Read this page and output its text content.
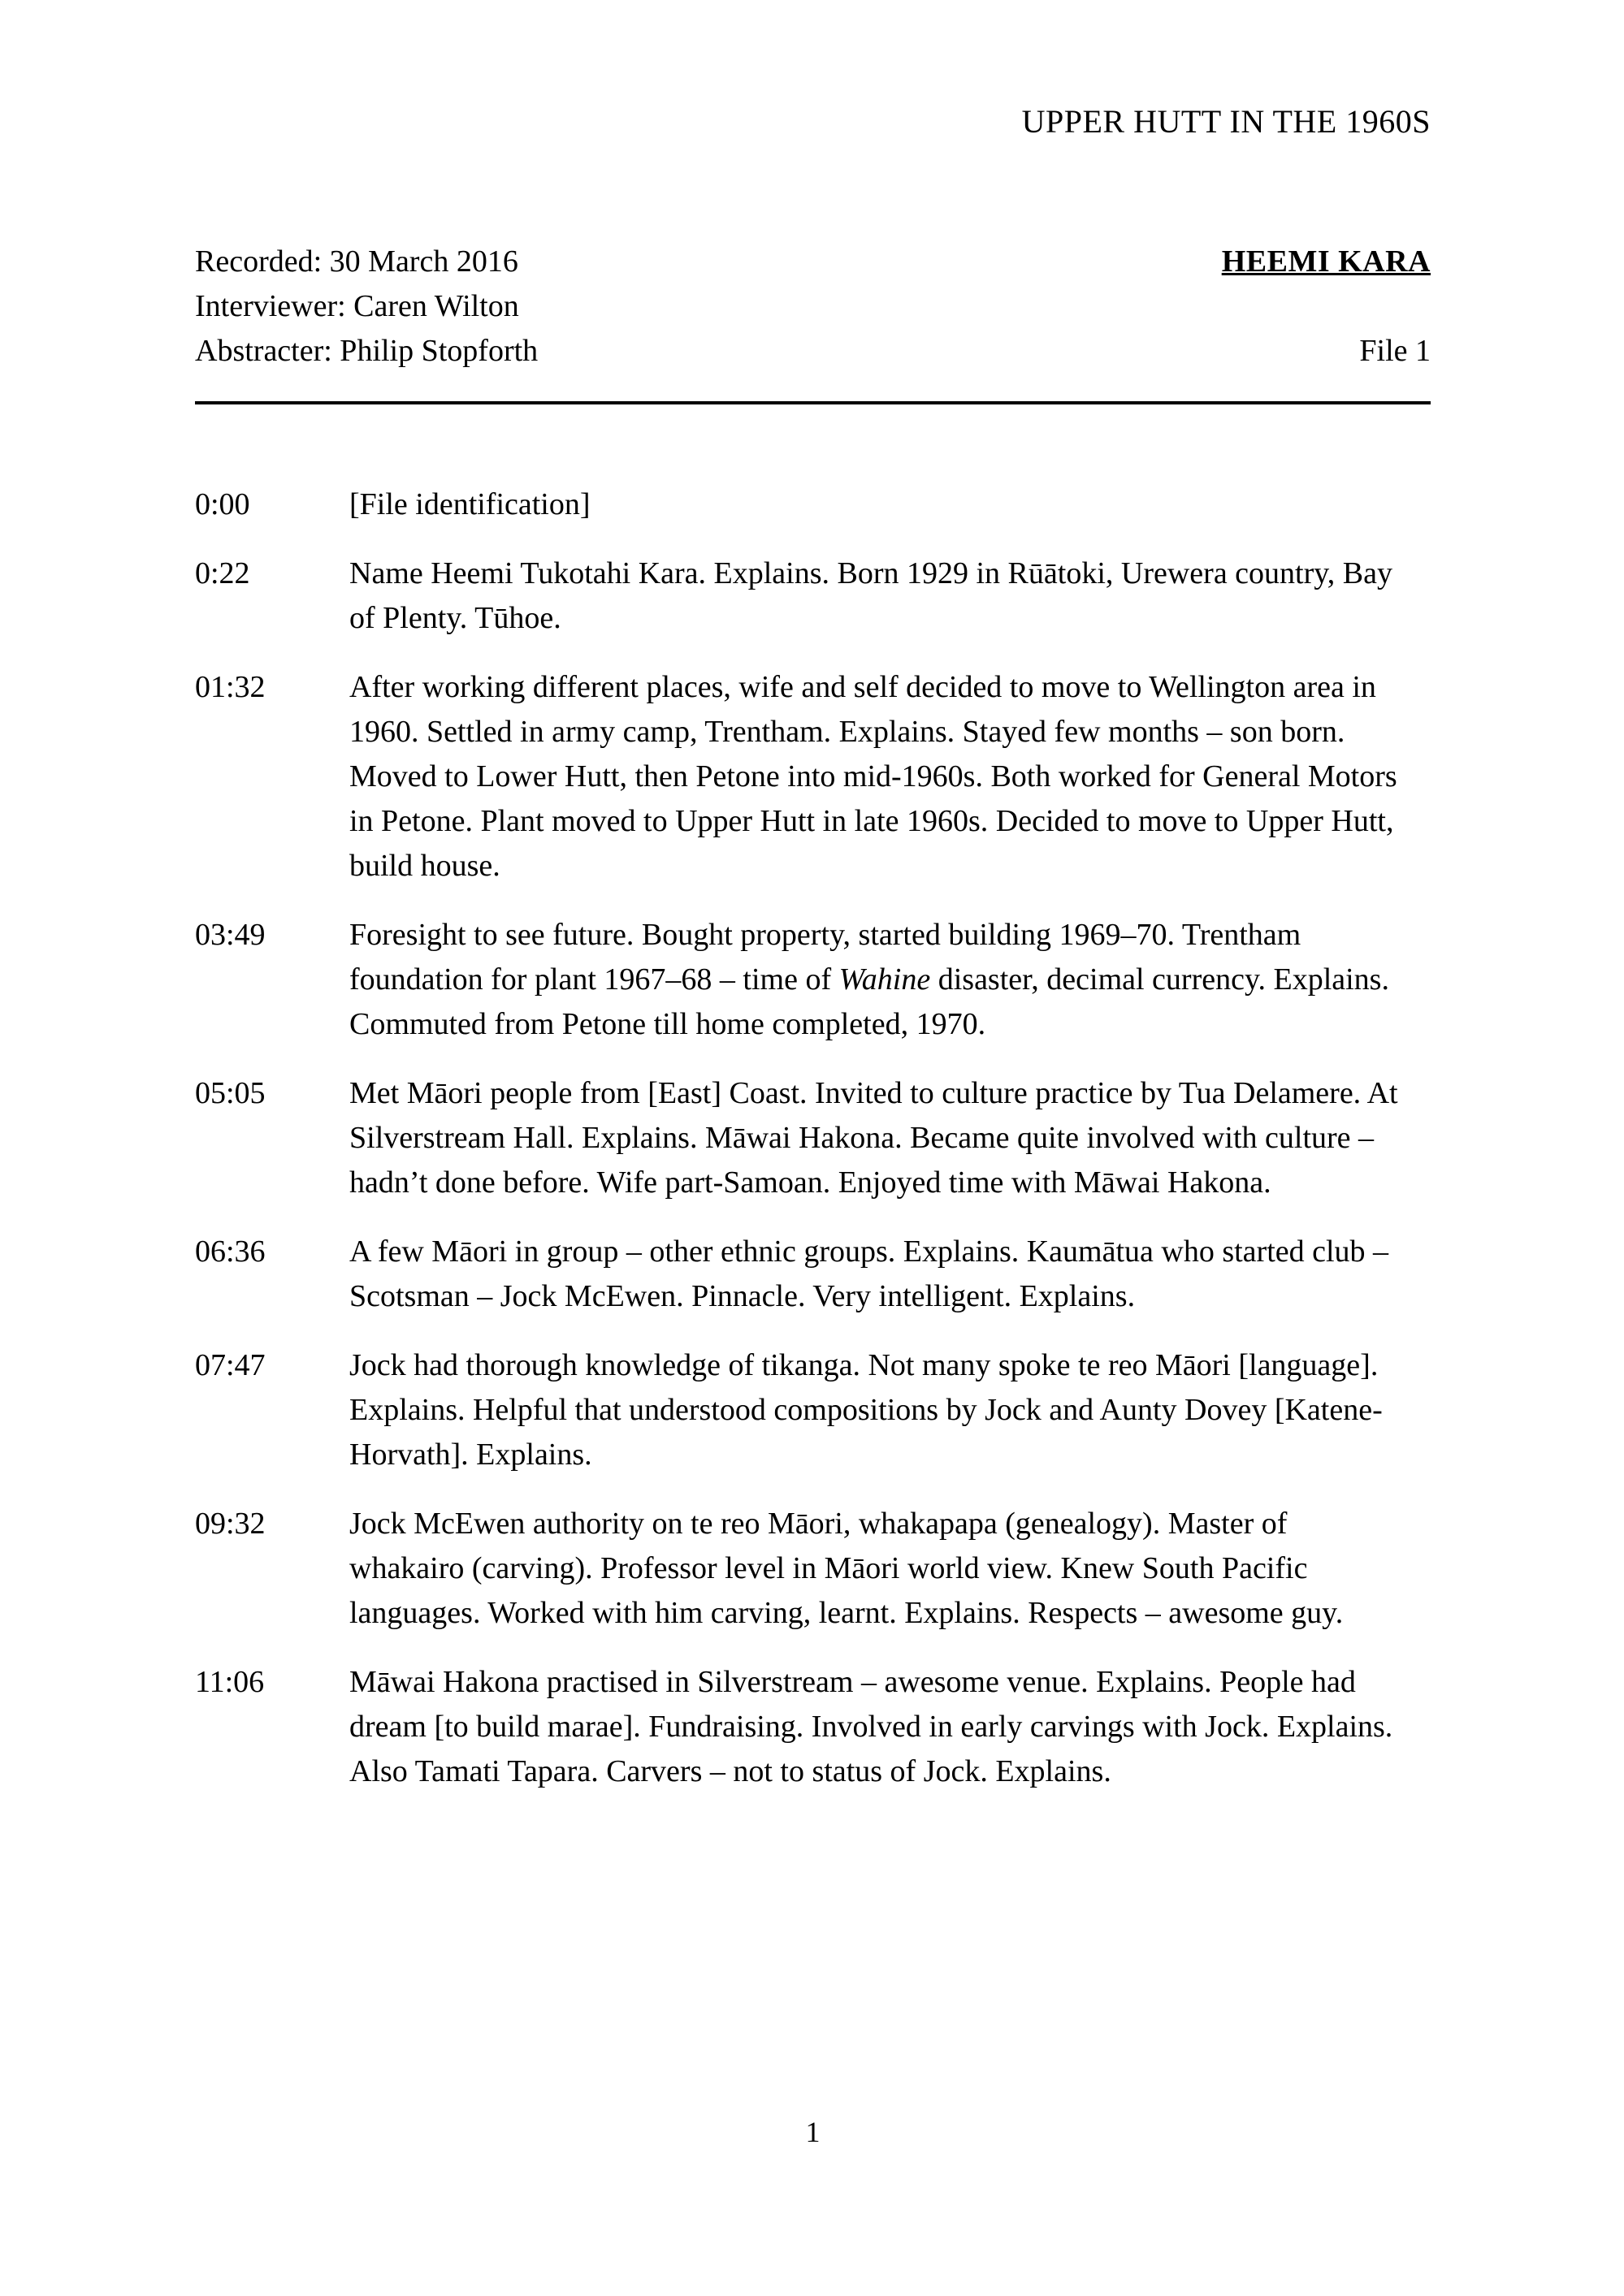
UPPER HUTT IN THE 1960S
Recorded: 30 March 2016	HEEMI KARA
Interviewer: Caren Wilton
Abstracter: Philip Stopforth	File 1
0:00	[File identification]
0:22	Name Heemi Tukotahi Kara. Explains. Born 1929 in Rūātoki, Urewera country, Bay of Plenty. Tūhoe.
01:32	After working different places, wife and self decided to move to Wellington area in 1960. Settled in army camp, Trentham. Explains. Stayed few months – son born. Moved to Lower Hutt, then Petone into mid-1960s. Both worked for General Motors in Petone. Plant moved to Upper Hutt in late 1960s. Decided to move to Upper Hutt, build house.
03:49	Foresight to see future. Bought property, started building 1969–70. Trentham foundation for plant 1967–68 – time of Wahine disaster, decimal currency. Explains. Commuted from Petone till home completed, 1970.
05:05	Met Māori people from [East] Coast. Invited to culture practice by Tua Delamere. At Silverstream Hall. Explains. Māwai Hakona. Became quite involved with culture – hadn’t done before. Wife part-Samoan. Enjoyed time with Māwai Hakona.
06:36	A few Māori in group – other ethnic groups. Explains. Kaumātua who started club – Scotsman – Jock McEwen. Pinnacle. Very intelligent. Explains.
07:47	Jock had thorough knowledge of tikanga. Not many spoke te reo Māori [language]. Explains. Helpful that understood compositions by Jock and Aunty Dovey [Katene-Horvath]. Explains.
09:32	Jock McEwen authority on te reo Māori, whakapapa (genealogy). Master of whakairo (carving). Professor level in Māori world view. Knew South Pacific languages. Worked with him carving, learnt. Explains. Respects – awesome guy.
11:06	Māwai Hakona practised in Silverstream – awesome venue. Explains. People had dream [to build marae]. Fundraising. Involved in early carvings with Jock. Explains. Also Tamati Tapara. Carvers – not to status of Jock. Explains.
1
